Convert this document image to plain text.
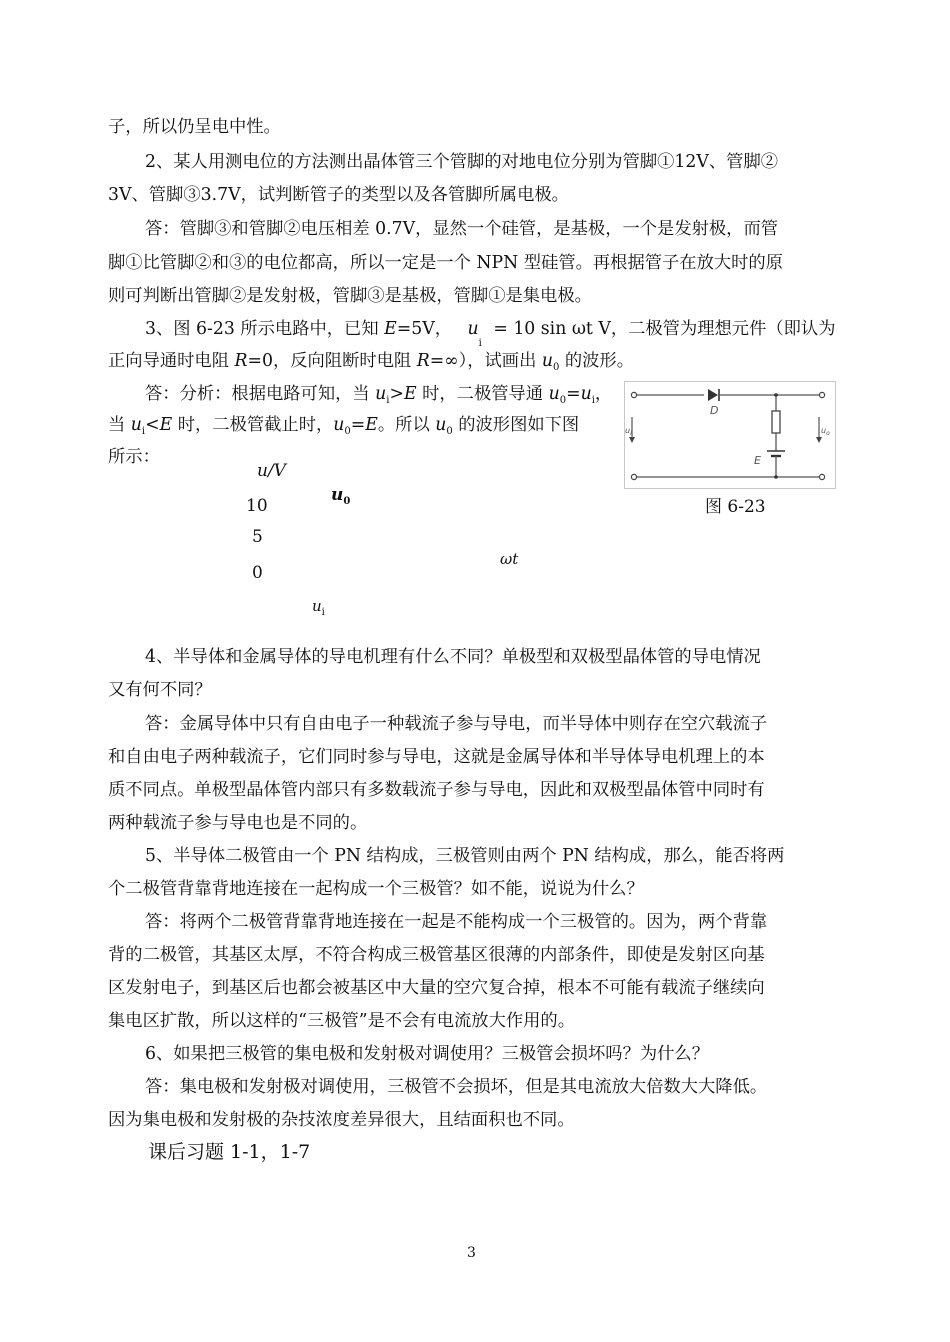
子，所以仍呈电中性。
2、某人用测电位的方法测出晶体管三个管脚的对地电位分别为管脚①12V、管脚②
3V、管脚③3.7V，试判断管子的类型以及各管脚所属电极。
答：管脚③和管脚②电压相差 0.7V，显然一个硅管，是基极，一个是发射极，而管
脚①比管脚②和③的电位都高，所以一定是一个 NPN 型硅管。再根据管子在放大时的原
则可判断出管脚②是发射极，管脚③是基极，管脚①是集电极。
3、图 6-23 所示电路中，已知 E=5V， $u_i = 10$ sin ωt V，二极管为理想元件（即认为
正向导通时电阻 R=0，反向阻断时电阻 R=∞），试画出 $u_0$ 的波形。
答：分析：根据电路可知，当 $u_i>E$ 时，二极管导通 $u_0=u_i$，
当 $u_i<E$ 时，二极管截止时，$u_0=E$。所以 $u_0$ 的波形图如下图
所示：
u/V
$u_0$
10
5
0
ωt
$u_i$
D
E
$u_i$	$u_o$
图 6-23
4、半导体和金属导体的导电机理有什么不同？单极型和双极型晶体管的导电情况
又有何不同？
答：金属导体中只有自由电子一种载流子参与导电，而半导体中则存在空穴载流子
和自由电子两种载流子，它们同时参与导电，这就是金属导体和半导体导电机理上的本
质不同点。单极型晶体管内部只有多数载流子参与导电，因此和双极型晶体管中同时有
两种载流子参与导电也是不同的。
5、半导体二极管由一个 PN 结构成，三极管则由两个 PN 结构成，那么，能否将两
个二极管背靠背地连接在一起构成一个三极管？如不能，说说为什么？
答：将两个二极管背靠背地连接在一起是不能构成一个三极管的。因为，两个背靠
背的二极管，其基区太厚，不符合构成三极管基区很薄的内部条件，即使是发射区向基
区发射电子，到基区后也都会被基区中大量的空穴复合掉，根本不可能有载流子继续向
集电区扩散，所以这样的“三极管”是不会有电流放大作用的。
6、如果把三极管的集电极和发射极对调使用？三极管会损坏吗？为什么？
答：集电极和发射极对调使用，三极管不会损坏，但是其电流放大倍数大大降低。
因为集电极和发射极的杂技浓度差异很大，且结面积也不同。
课后习题 1-1，1-7
3
